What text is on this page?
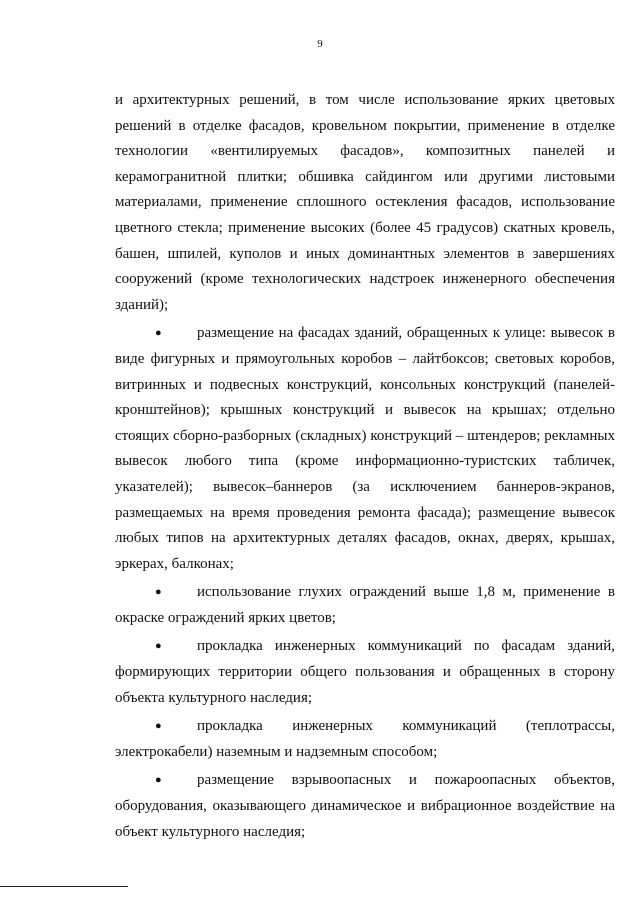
9

и архитектурных решений, в том числе использование ярких цветовых решений в отделке фасадов, кровельном покрытии, применение в отделке технологии «вентилируемых фасадов», композитных панелей и керамогранитной плитки; обшивка сайдингом или другими листовыми материалами, применение сплошного остекления фасадов, использование цветного стекла; применение высоких (более 45 градусов) скатных кровель, башен, шпилей, куполов и иных доминантных элементов в завершениях сооружений (кроме технологических надстроек инженерного обеспечения зданий);

● размещение на фасадах зданий, обращенных к улице: вывесок в виде фигурных и прямоугольных коробов – лайтбоксов; световых коробов, витринных и подвесных конструкций, консольных конструкций (панелей-кронштейнов); крышных конструкций и вывесок на крышах; отдельно стоящих сборно-разборных (складных) конструкций – штендеров; рекламных вывесок любого типа (кроме информационно-туристских табличек, указателей); вывесок–баннеров (за исключением баннеров-экранов, размещаемых на время проведения ремонта фасада); размещение вывесок любых типов на архитектурных деталях фасадов, окнах, дверях, крышах, эркерах, балконах;

● использование глухих ограждений выше 1,8 м, применение в окраске ограждений ярких цветов;

● прокладка инженерных коммуникаций по фасадам зданий, формирующих территории общего пользования и обращенных в сторону объекта культурного наследия;

● прокладка инженерных коммуникаций (теплотрассы, электрокабели) наземным и надземным способом;

● размещение взрывоопасных и пожароопасных объектов, оборудования, оказывающего динамическое и вибрационное воздействие на объект культурного наследия;
